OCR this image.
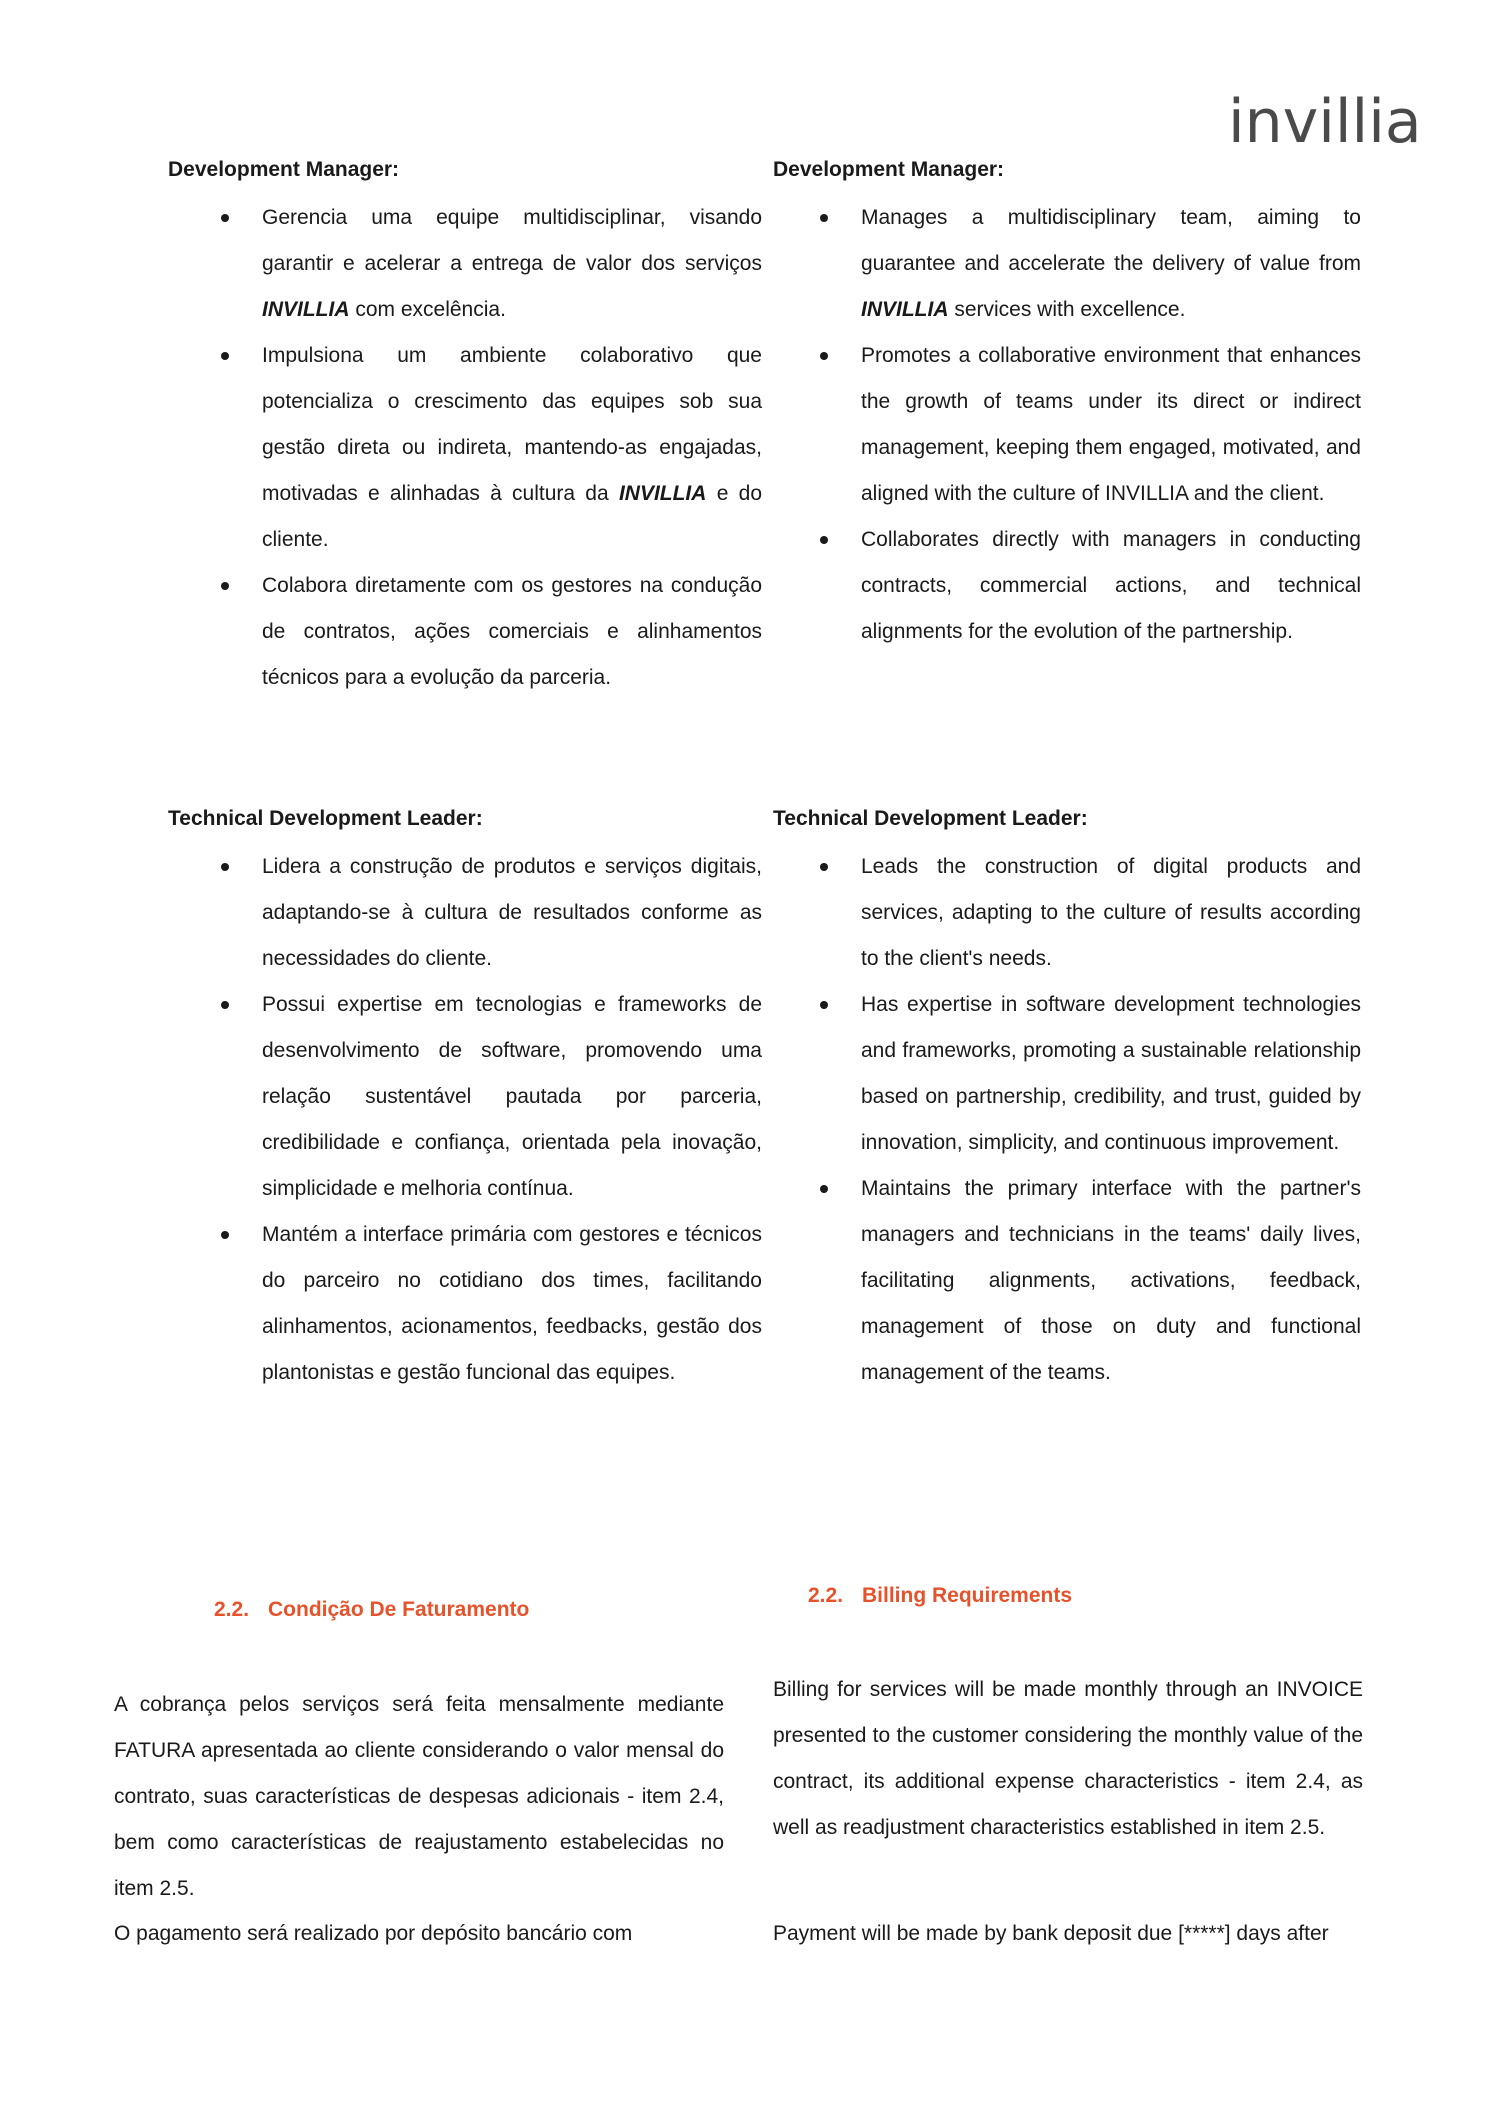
invillia

Development Manager:

Gerencia uma equipe multidisciplinar, visando garantir e acelerar a entrega de valor dos serviços INVILLIA com excelência.
Impulsiona um ambiente colaborativo que potencializa o crescimento das equipes sob sua gestão direta ou indireta, mantendo-as engajadas, motivadas e alinhadas à cultura da INVILLIA e do cliente.
Colabora diretamente com os gestores na condução de contratos, ações comerciais e alinhamentos técnicos para a evolução da parceria.

Technical Development Leader:

Lidera a construção de produtos e serviços digitais, adaptando-se à cultura de resultados conforme as necessidades do cliente.
Possui expertise em tecnologias e frameworks de desenvolvimento de software, promovendo uma relação sustentável pautada por parceria, credibilidade e confiança, orientada pela inovação, simplicidade e melhoria contínua.
Mantém a interface primária com gestores e técnicos do parceiro no cotidiano dos times, facilitando alinhamentos, acionamentos, feedbacks, gestão dos plantonistas e gestão funcional das equipes.

2.2. Condição De Faturamento

A cobrança pelos serviços será feita mensalmente mediante FATURA apresentada ao cliente considerando o valor mensal do contrato, suas características de despesas adicionais - item 2.4, bem como características de reajustamento estabelecidas no item 2.5.

O pagamento será realizado por depósito bancário com

Development Manager:

Manages a multidisciplinary team, aiming to guarantee and accelerate the delivery of value from INVILLIA services with excellence.
Promotes a collaborative environment that enhances the growth of teams under its direct or indirect management, keeping them engaged, motivated, and aligned with the culture of INVILLIA and the client.
Collaborates directly with managers in conducting contracts, commercial actions, and technical alignments for the evolution of the partnership.

Technical Development Leader:

Leads the construction of digital products and services, adapting to the culture of results according to the client's needs.
Has expertise in software development technologies and frameworks, promoting a sustainable relationship based on partnership, credibility, and trust, guided by innovation, simplicity, and continuous improvement.
Maintains the primary interface with the partner's managers and technicians in the teams' daily lives, facilitating alignments, activations, feedback, management of those on duty and functional management of the teams.

2.2. Billing Requirements

Billing for services will be made monthly through an INVOICE presented to the customer considering the monthly value of the contract, its additional expense characteristics - item 2.4, as well as readjustment characteristics established in item 2.5.

Payment will be made by bank deposit due [*****] days after
